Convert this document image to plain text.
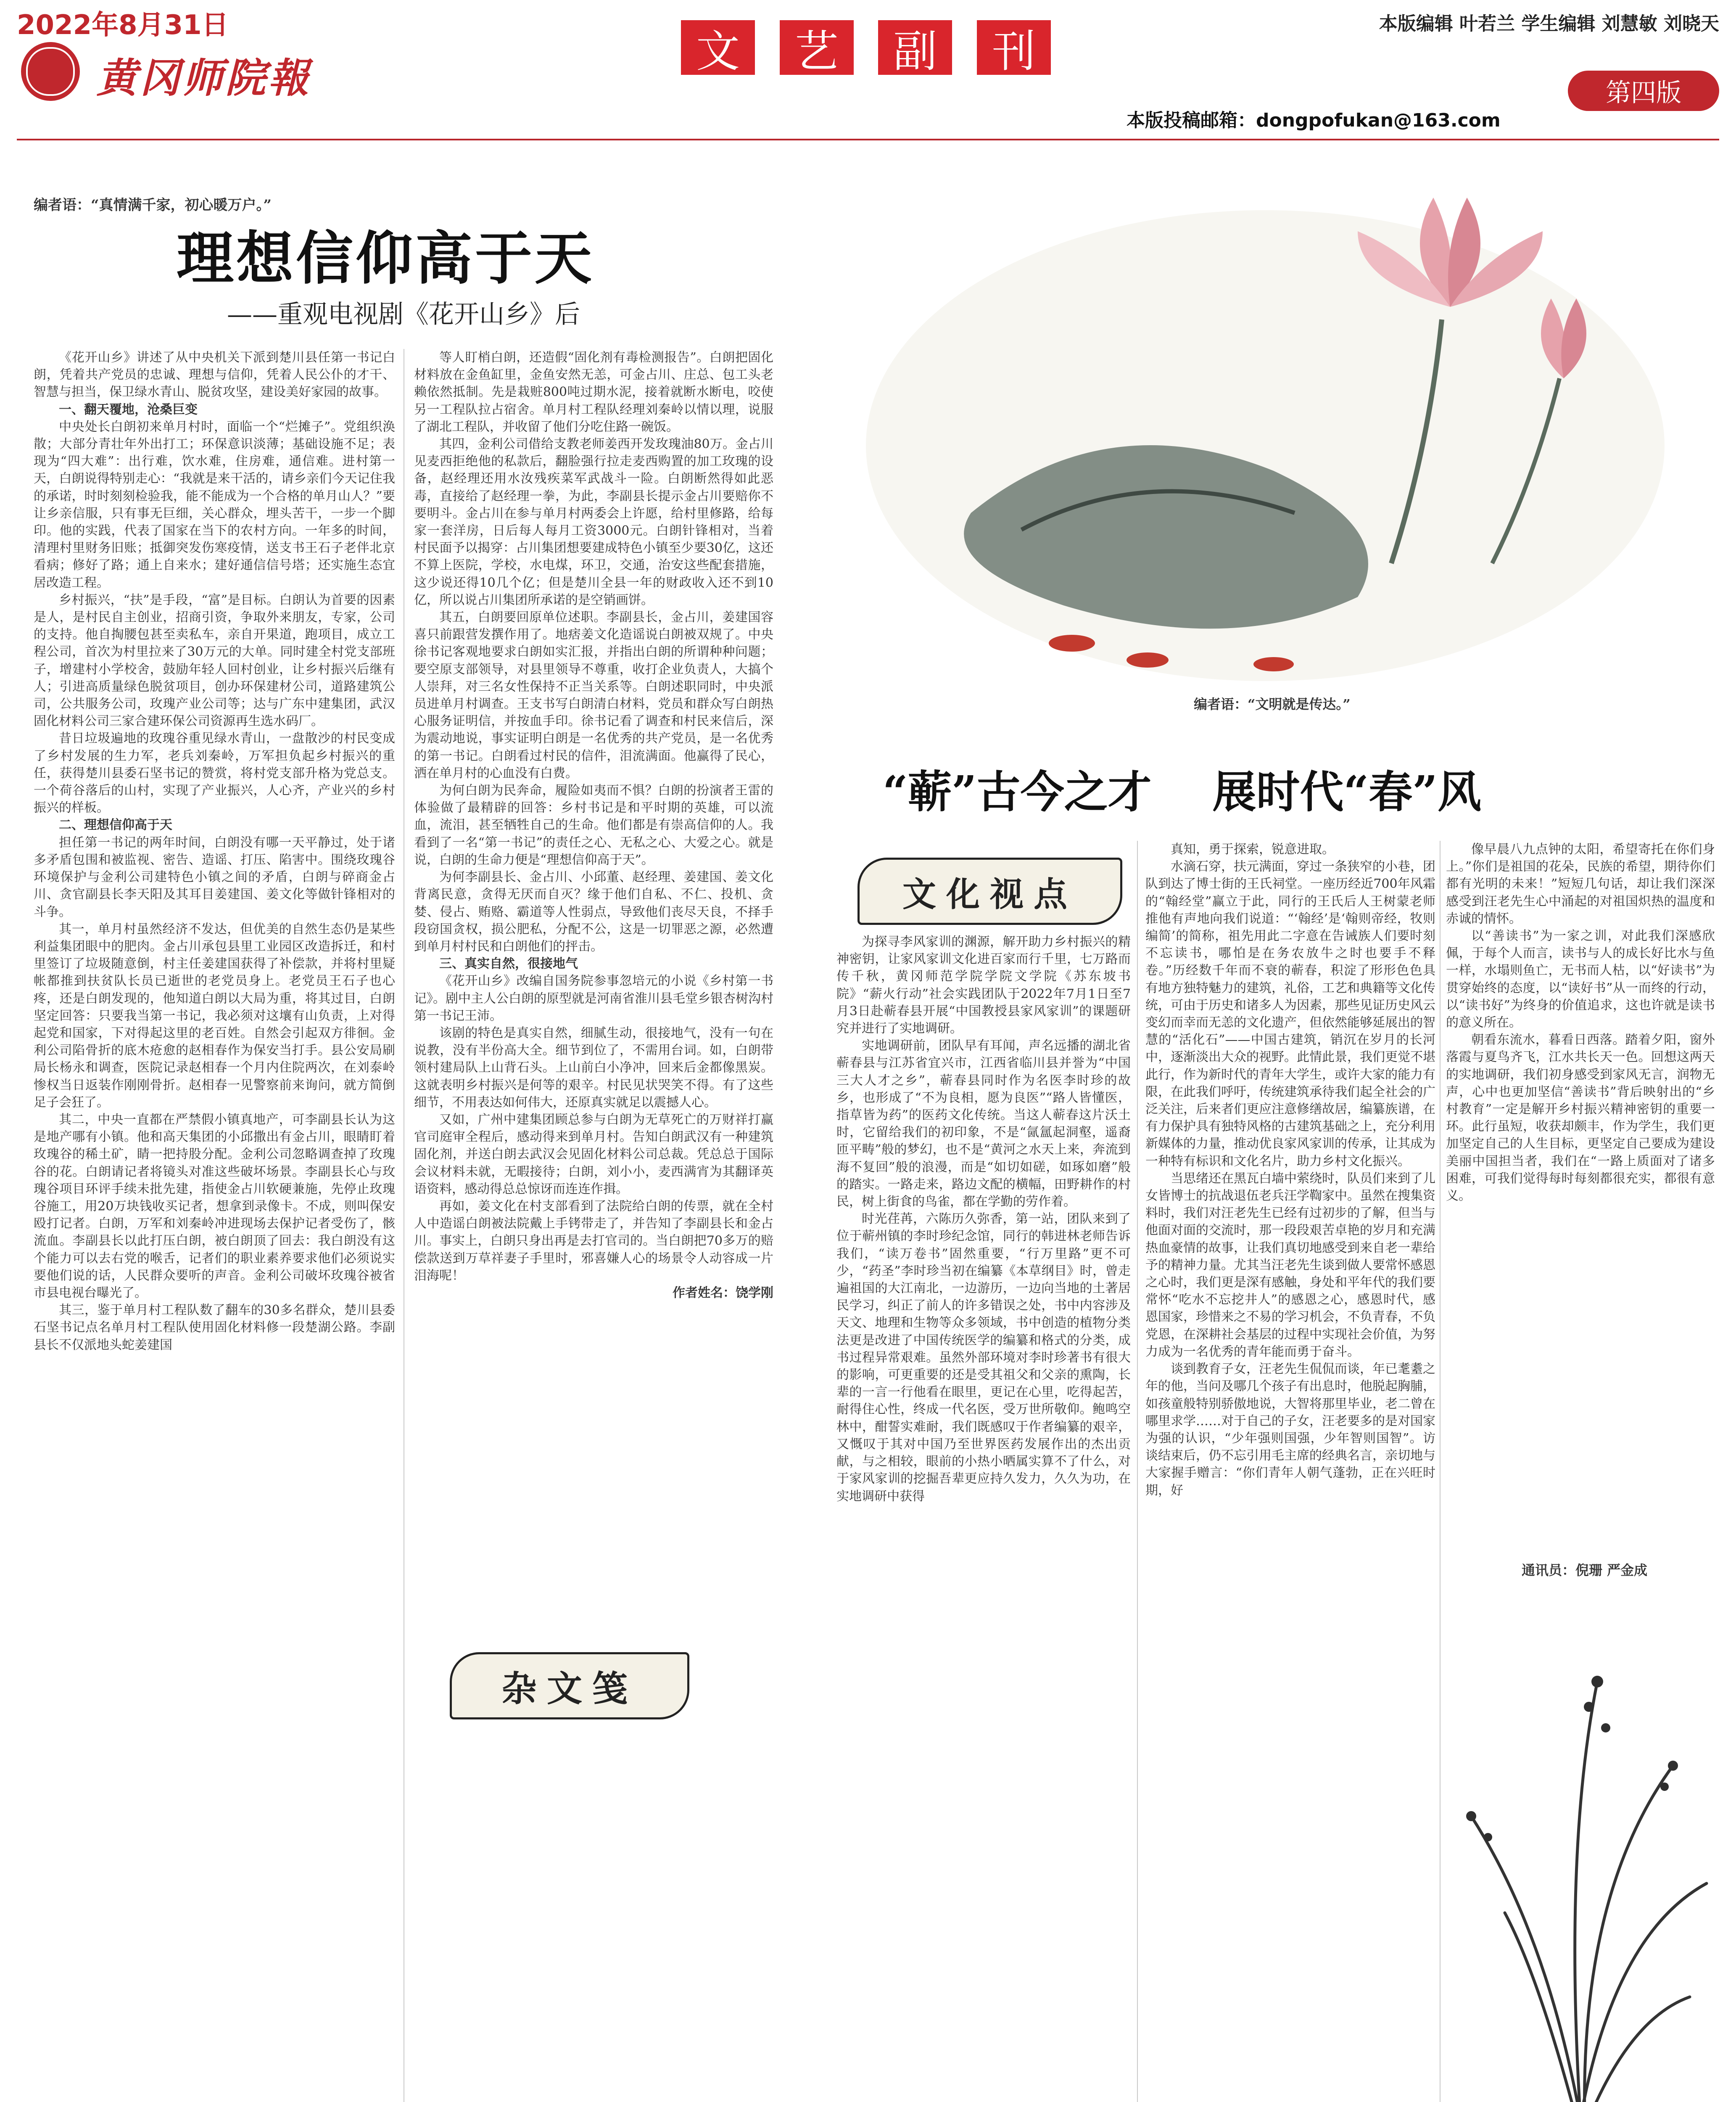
2022年8月31日	本版编辑 叶若兰 学生编辑 刘慧敏 刘晓天
文 艺 副 刊
黄冈师院報	第四版
本版投稿邮箱：dongpofukan@163.com
编者语：“真情满千家，初心暖万户。”
理想信仰高于天
——重观电视剧《花开山乡》后

《花开山乡》讲述了从中央机关下派到楚川县任第一书记白朗，凭着共产党员的忠诚、理想与信仰，凭着人民公仆的才干、智慧与担当，保卫绿水青山、脱贫攻坚，建设美好家园的故事。

一、翻天覆地，沧桑巨变

中央处长白朗初来单月村时，面临一个“烂摊子”。党组织涣散；大部分青壮年外出打工；环保意识淡薄；基础设施不足；表现为“四大难”：出行难，饮水难，住房难，通信难。进村第一天，白朗说得特别走心：“我就是来干活的，请乡亲们今天记住我的承诺，时时刻刻检验我，能不能成为一个合格的单月山人？”要让乡亲信服，只有事无巨细，关心群众，埋头苦干，一步一个脚印。他的实践，代表了国家在当下的农村方向。一年多的时间，清理村里财务旧账；抵御突发伤寒疫情，送支书王石子老伴北京看病；修好了路；通上自来水；建好通信信号塔；还实施生态宜居改造工程。

乡村振兴，“扶”是手段，“富”是目标。白朗认为首要的因素是人，是村民自主创业，招商引资，争取外来朋友，专家，公司的支持。他自掏腰包甚至卖私车，亲自开果道，跑项目，成立工程公司，首次为村里拉来了30万元的大单。同时建全村党支部班子，增建村小学校舍，鼓励年轻人回村创业，让乡村振兴后继有人；引进高质量绿色脱贫项目，创办环保建材公司，道路建筑公司，公共服务公司，玫瑰产业公司等；达与广东中建集团，武汉固化材料公司三家合建环保公司资源再生选水码厂。

昔日垃圾遍地的玫瑰谷重见绿水青山，一盘散沙的村民变成了乡村发展的生力军，老兵刘秦岭，万军担负起乡村振兴的重任，获得楚川县委石坚书记的赞赏，将村党支部升格为党总支。一个荷谷落后的山村，实现了产业振兴，人心齐，产业兴的乡村振兴的样板。

二、理想信仰高于天

担任第一书记的两年时间，白朗没有哪一天平静过，处于诸多矛盾包围和被监视、密告、造谣、打压、陷害中。围绕玫瑰谷环境保护与金利公司建特色小镇之间的矛盾，白朗与碎商金占川、贪官副县长李天阳及其耳目姜建国、姜文化等做针锋相对的斗争。

其一，单月村虽然经济不发达，但优美的自然生态仍是某些利益集团眼中的肥肉。金占川承包县里工业园区改造拆迁，和村里签订了垃圾随意倒，村主任姜建国获得了补偿款，并将村里疑帐都推到扶贫队长员已逝世的老党员身上。老党员王石子也心疼，还是白朗发现的，他知道白朗以大局为重，将其过目，白朗坚定回答：只要我当第一书记，我必须对这壤有山负责，上对得起党和国家，下对得起这里的老百姓。自然会引起双方徘徊。金利公司陷骨折的底木疮愈的赵相春作为保安当打手。县公安局刷局长杨永和调查，医院记录赵相春一个月内住院两次，在刘泰岭惨权当日返装作刚刚骨折。赵相春一见警察前来询问，就方简倒足子会狂了。

其二，中央一直都在严禁假小镇真地产，可李副县长认为这是地产哪有小镇。他和高天集团的小邱撒出有金占川，眼睛盯着玫瑰谷的稀土矿，睛一把持股分配。金利公司忽略调查掉了玫瑰谷的花。白朗请记者将镜头对准这些破坏场景。李副县长心与玫瑰谷项目环评手续未批先建，指使金占川软硬兼施，先停止玫瑰谷施工，用20万块钱收买记者，想拿到录像卡。不成，则叫保安殴打记者。白朗，万军和刘秦岭冲进现场去保护记者受伤了，骸流血。李副县长以此打压白朗，被白朗顶了回去：我白朗没有这个能力可以去右党的喉舌，记者们的职业素养要求他们必须说实要他们说的话，人民群众要听的声音。金利公司破坏玫瑰谷被省市县电视台曝光了。

其三，鉴于单月村工程队数了翻车的30多名群众，楚川县委石坚书记点名单月村工程队使用固化材料修一段楚湖公路。李副县长不仅派地头蛇姜建国

等人盯梢白朗，还造假“固化剂有毒检测报告”。白朗把固化材料放在金鱼缸里，金鱼安然无恙，可金占川、庄总、包工头老赖依然抵制。先是栽赃800吨过期水泥，接着就断水断电，咬使另一工程队拉占宿舍。单月村工程队经理刘秦岭以情以理，说服了湖北工程队，并收留了他们分吃住路一碗饭。

其四，金利公司借给支教老师姜西开发玫瑰油80万。金占川见麦西拒绝他的私款后，翻脸强行拉走麦西购置的加工玫瑰的设备，赵经理还用水汝残疾菜军武战斗一险。白朗断然得如此恶毒，直接给了赵经理一拳，为此，李副县长提示金占川要赔你不要明斗。金占川在参与单月村两委会上许愿，给村里修路，给每家一套洋房，日后每人每月工资3000元。白朗针锋相对，当着村民面予以揭穿：占川集团想要建成特色小镇至少要30亿，这还不算上医院，学校，水电煤，环卫，交通，治安这些配套措施，这少说还得10几个亿；但是楚川全县一年的财政收入还不到10亿，所以说占川集团所承诺的是空销画饼。

其五，白朗要回原单位述职。李副县长，金占川，姜建国容喜只前跟营发撰作用了。地痞姜文化造谣说白朗被双规了。中央徐书记客观地要求白朗如实汇报，并指出白朗的所谓种种问题；要空原支部领导，对县里领导不尊重，收打企业负责人，大搞个人崇拜，对三名女性保持不正当关系等。白朗述职同时，中央派员进单月村调查。王支书写白朗清白材料，党员和群众写白朗热心服务证明信，并按血手印。徐书记看了调查和村民来信后，深为震动地说，事实证明白朗是一名优秀的共产党员，是一名优秀的第一书记。白朗看过村民的信件，泪流满面。他赢得了民心，洒在单月村的心血没有白费。

为何白朗为民奔命，履险如夷而不惧？白朗的扮演者王雷的体验做了最精辟的回答：乡村书记是和平时期的英雄，可以流血，流泪，甚至牺牲自己的生命。他们都是有崇高信仰的人。我看到了一名“第一书记”的责任之心、无私之心、大爱之心。就是说，白朗的生命力便是“理想信仰高于天”。

为何李副县长、金占川、小邱董、赵经理、姜建国、姜文化背离民意，贪得无厌而自灭？缘于他们自私、不仁、投机、贪婪、侵占、贿赂、霸道等人性弱点，导致他们丧尽天良，不择手段窃国贪权，损公肥私，分配不公，这是一切罪恶之源，必然遭到单月村村民和白朗他们的抨击。

三、真实自然，很接地气

《花开山乡》改编自国务院参事忽培元的小说《乡村第一书记》。剧中主人公白朗的原型就是河南省淮川县毛堂乡银杏树沟村第一书记王沛。

该剧的特色是真实自然，细腻生动，很接地气，没有一句在说教，没有半份高大全。细节到位了，不需用台词。如，白朗带领村建局队上山背石头。上山前白小净冲，回来后金都像黑炭。这就表明乡村振兴是何等的艰辛。村民见状哭笑不得。有了这些细节，不用表达如何伟大，还原真实就足以震撼人心。

又如，广州中建集团顾总参与白朗为无草死亡的万财祥打赢官司庭审全程后，感动得来到单月村。告知白朗武汉有一种建筑固化剂，并送白朗去武汉会见固化材料公司总裁。凭总总于国际会议材料未就，无暇接待；白朗，刘小小，麦西满宵为其翻译英语资料，感动得总总惊讶而连连作揖。

再如，姜文化在村支部看到了法院给白朗的传票，就在全村人中造谣白朗被法院戴上手铐带走了，并告知了李副县长和金占川。事实上，白朗只身出再是去打官司的。当白朗把70多万的赔偿款送到万草祥妻子手里时，邪喜嫌人心的场景令人动容成一片泪海呢！

作者姓名：饶学刚

杂文笺
编者语：“文明就是传达。”
“蕲”古今之才    展时代“春”风
文化视点

为探寻李风家训的渊源，解开助力乡村振兴的精神密钥，让家风家训文化进百家而行千里，七万路而传千秋，黄冈师范学院学院文学院《苏东坡书院》“薪火行动”社会实践团队于2022年7月1日至7月3日赴蕲春县开展“中国教授县家风家训”的课题研究并进行了实地调研。

实地调研前，团队早有耳闻，声名远播的湖北省蕲春县与江苏省宜兴市，江西省临川县并誉为“中国三大人才之乡”，蕲春县同时作为名医李时珍的故乡，也形成了“不为良相，愿为良医”“路人皆懂医，指草皆为药”的医药文化传统。当这人蕲春这片沃土时，它留给我们的初印象，不是“氤氲起洞壑，遥裔匝平畴”般的梦幻，也不是“黄河之水天上来，奔流到海不复回”般的浪漫，而是“如切如磋，如琢如磨”般的踏实。一路走来，路边文配的横幅，田野耕作的村民，树上街食的鸟雀，都在学勤的劳作着。

时光荏苒，六陈历久弥香，第一站，团队来到了位于蕲州镇的李时珍纪念馆，同行的韩进林老师告诉我们，“读万卷书”固然重要，“行万里路”更不可少，“药圣”李时珍当初在编纂《本草纲目》时，曾走遍祖国的大江南北，一边游历，一边向当地的土著居民学习，纠正了前人的许多错误之处，书中内容涉及天文、地理和生物等众多领域，书中创造的植物分类法更是改进了中国传统医学的编纂和格式的分类，成书过程异常艰难。虽然外部环境对李时珍著书有很大的影响，可更重要的还是受其祖父和父亲的熏陶，长辈的一言一行他看在眼里，更记在心里，吃得起苦，耐得住心性，终成一代名医，受万世所敬仰。鲍鸣空林中，酣誓实难耐，我们既感叹于作者编纂的艰辛，又慨叹于其对中国乃至世界医药发展作出的杰出贡献，与之相较，眼前的小热小晒属实算不了什么，对于家风家训的挖掘吾辈更应持久发力，久久为功，在实地调研中获得

真知，勇于探索，锐意进取。

水滴石穿，扶元满面，穿过一条狭窄的小巷，团队到达了博士街的王氏祠堂。一座历经近700年风霜的“翰经堂”赢立于此，同行的王氏后人王树蒙老师推他有声地向我们说道：“‘翰经’是‘翰则帝经，牧则编简’的简称，祖先用此二字意在告诫族人们要时刻不忘读书，哪怕是在务农放牛之时也要手不释卷。”历经数千年而不衰的蕲春，积淀了形形色色具有地方独特魅力的建筑，礼俗，工艺和典籍等文化传统，可由于历史和诸多人为因素，那些见证历史风云变幻而幸而无恙的文化遗产，但依然能够延展出的智慧的“活化石”——中国古建筑，销沉在岁月的长河中，逐渐淡出大众的视野。此情此景，我们更觉不堪此行，作为新时代的青年大学生，或许大家的能力有限，在此我们呼吁，传统建筑承待我们起全社会的广泛关注，后来者们更应注意修缮故居，编纂族谱，在有力保护具有独特风格的古建筑基础之上，充分利用新媒体的力量，推动优良家风家训的传承，让其成为一种特有标识和文化名片，助力乡村文化振兴。

当思绪还在黑瓦白墙中萦绕时，队员们来到了儿女皆博士的抗战退伍老兵汪学鞫家中。虽然在搜集资料时，我们对汪老先生已经有过初步的了解，但当与他面对面的交流时，那一段段艰苦卓艳的岁月和充满热血豪情的故事，让我们真切地感受到来自老一辈给予的精神力量。尤其当汪老先生谈到做人要常怀感恩之心时，我们更是深有感触，身处和平年代的我们要常怀“吃水不忘挖井人”的感恩之心，感恩时代，感恩国家，珍惜来之不易的学习机会，不负青春，不负党恩，在深耕社会基层的过程中实现社会价值，为努力成为一名优秀的青年能而勇于奋斗。

谈到教育子女，汪老先生侃侃而谈，年已耄耋之年的他，当问及哪几个孩子有出息时，他脱起胸脯，如孩童般特别骄傲地说，大智将那里毕业，老二曾在哪里求学……对于自己的子女，汪老要多的是对国家为强的认识，“少年强则国强，少年智则国智”。访谈结束后，仍不忘引用毛主席的经典名言，亲切地与大家握手赠言：“你们青年人朝气蓬勃，正在兴旺时期，好

像早晨八九点钟的太阳，希望寄托在你们身上。”你们是祖国的花朵，民族的希望，期待你们都有光明的未来！”短短几句话，却让我们深深感受到汪老先生心中涌起的对祖国炽热的温度和赤诚的情怀。

以“善读书”为一家之训，对此我们深感欣佩，于每个人而言，读书与人的成长好比水与鱼一样，水塌则鱼亡，无书而人枯，以“好读书”为贯穿始终的态度，以“读好书”从一而终的行动，以“读书好”为终身的价值追求，这也许就是读书的意义所在。

朝看东流水，暮看日西落。踏着夕阳，窗外落霞与夏鸟齐飞，江水共长天一色。回想这两天的实地调研，我们初身感受到家风无言，润物无声，心中也更加坚信“善读书”背后映射出的“乡村教育”一定是解开乡村振兴精神密钥的重要一环。此行虽短，收获却颇丰，作为学生，我们更加坚定自己的人生目标，更坚定自己要成为建设美丽中国担当者，我们在“一路上质面对了诸多困难，可我们觉得每时每刻都很充实，都很有意义。

通讯员：倪珊 严金成
